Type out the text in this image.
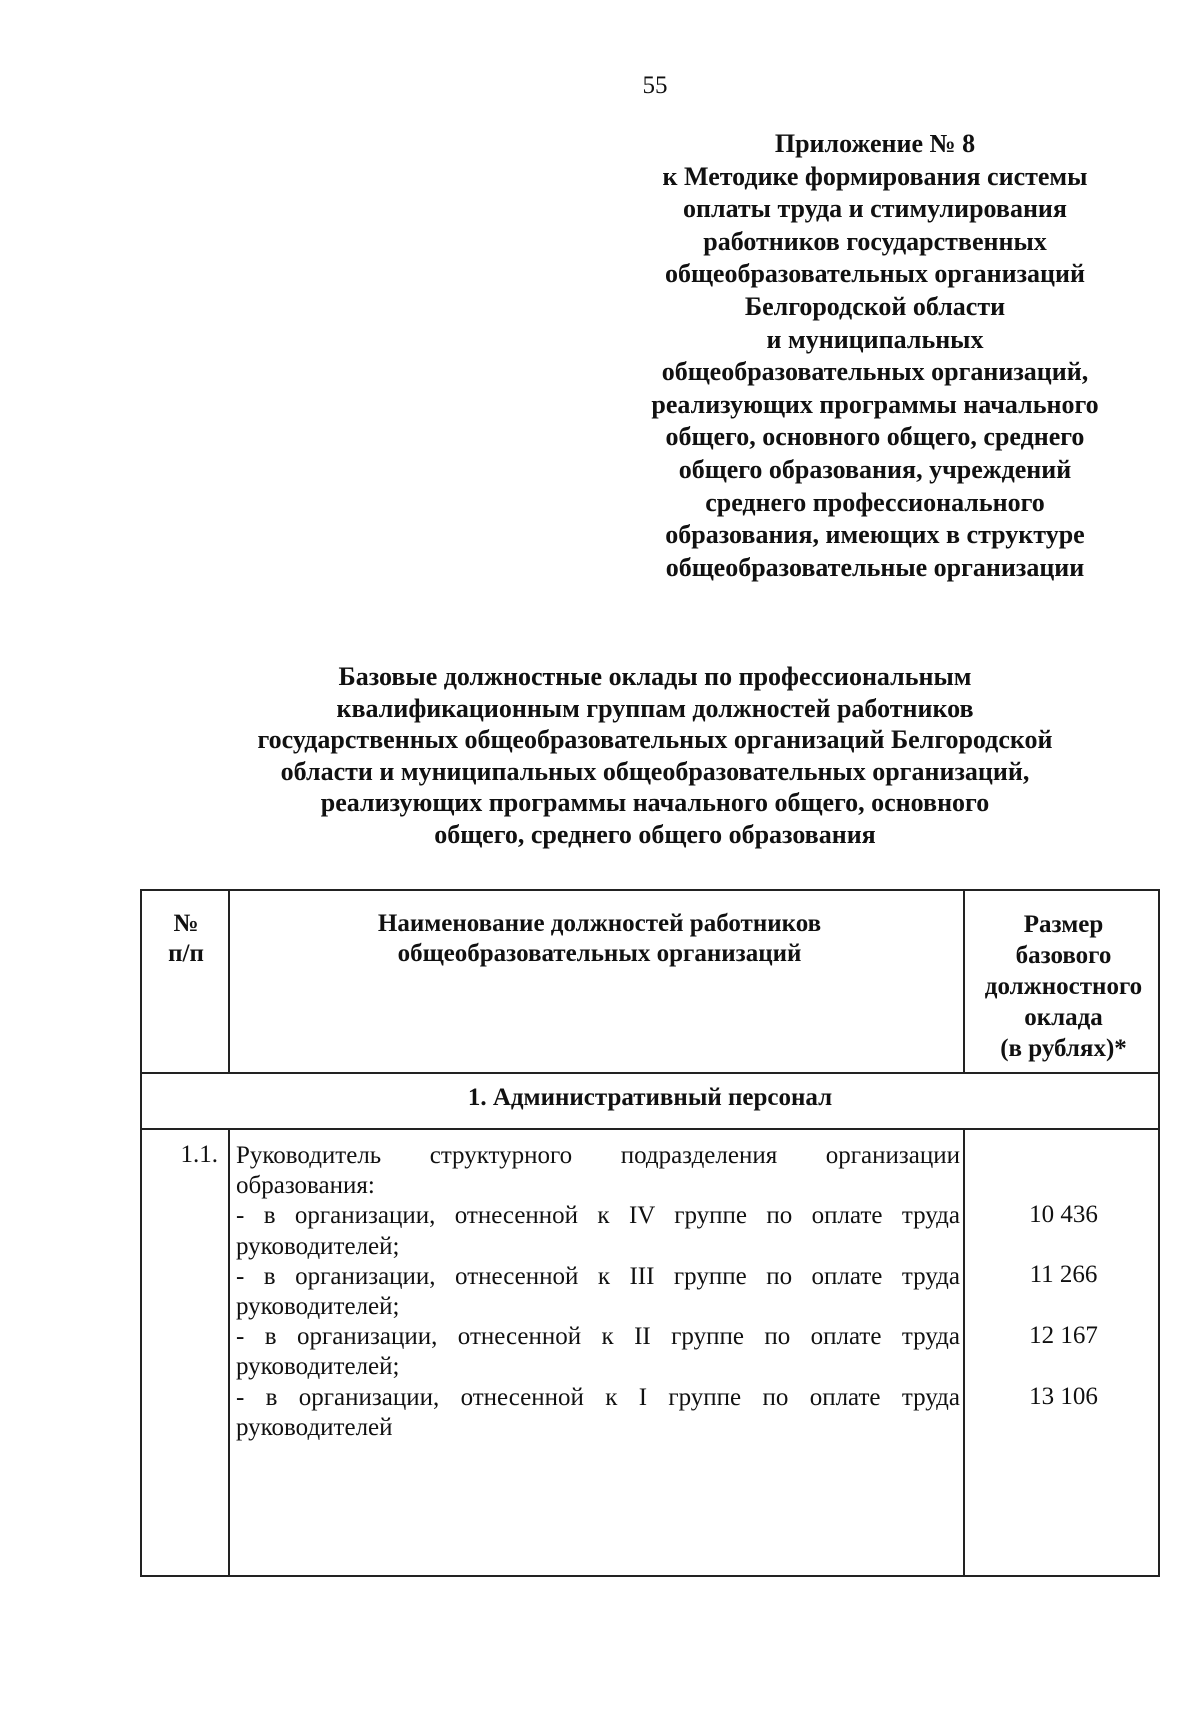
55
Приложение № 8
к Методике формирования системы
оплаты труда и стимулирования
работников государственных
общеобразовательных организаций
Белгородской области
и муниципальных
общеобразовательных организаций,
реализующих программы начального
общего, основного общего, среднего
общего образования, учреждений
среднего профессионального
образования, имеющих в структуре
общеобразовательные организации
Базовые должностные оклады по профессиональным
квалификационным группам должностей работников
государственных общеобразовательных организаций Белгородской
области и муниципальных общеобразовательных организаций,
реализующих программы начального общего, основного
общего, среднего общего образования
№
п/п
Наименование должностей работников
общеобразовательных организаций
Размер
базового
должностного
оклада
(в рублях)*
1. Административный персонал
1.1. Руководитель структурного подразделения организации образования:
- в организации, отнесенной к IV группе по оплате труда руководителей;
- в организации, отнесенной к III группе по оплате труда руководителей;
- в организации, отнесенной к II группе по оплате труда руководителей;
- в организации, отнесенной к I группе по оплате труда руководителей
10 436
11 266
12 167
13 106
